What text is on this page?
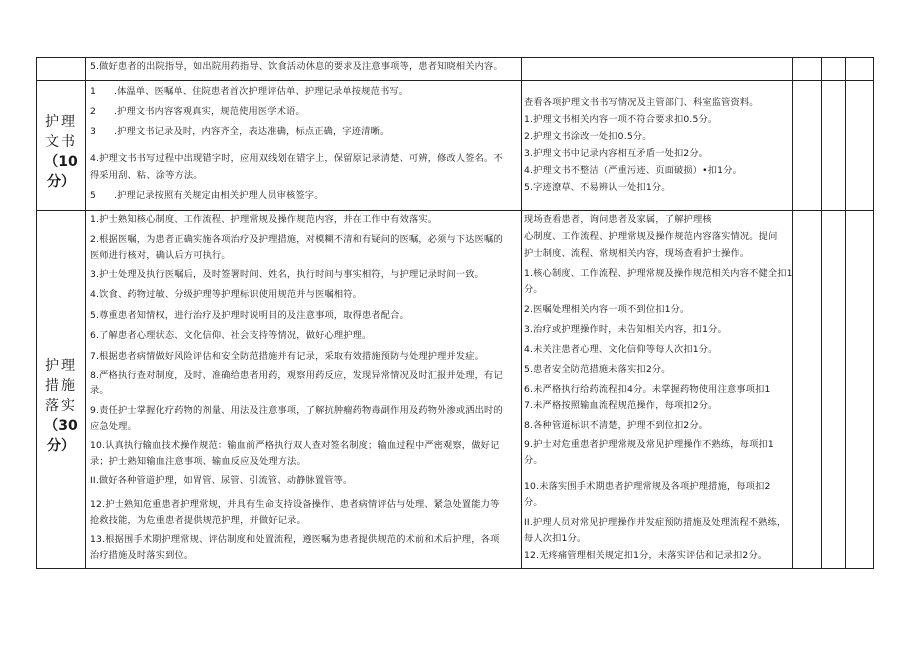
5.做好患者的出院指导，如出院用药指导、饮食活动休息的要求及注意事项等，患者知晓相关内容。
护理文书
（10分）
1 .体温单、医嘱单、住院患者首次护理评估单、护理记录单按规范书写。
2 .护理文书内容客观真实，规范使用医学术语。
3 .护理文书记录及时，内容齐全，表达准确，标点正确，字迹清晰。
4.护理文书书写过程中出现错字时，应用双线划在错字上，保留原记录清楚、可辨，修改人签名。不
得采用刮、粘、涂等方法。
5 .护理记录按照有关规定由相关护理人员审核签字。
查看各项护理文书书写情况及主管部门、科室监管资料。
1.护理文书相关内容一项不符合要求扣0.5分。
2.护理文书涂改一处扣0.5分。
3.护理文书中记录内容相互矛盾一处扣2分。
4.护理文书不整洁（严重污迹、页面破损）•扣1分。
5.字迹潦草、不易辨认一处扣1分。
护理措施落实
（30分）
1.护士熟知核心制度、工作流程、护理常规及操作规范内容，并在工作中有效落实。
2.根据医嘱，为患者正确实施各项治疗及护理措施，对模糊不清和有疑问的医嘱，必须与下达医嘱的
医师进行核对，确认后方可执行。
3.护士处理及执行医嘱后，及时签署时间、姓名，执行时间与事实相符，与护理记录时间一致。
4.饮食、药物过敏、分级护理等护理标识使用规范并与医嘱相符。
5.尊重患者知情权，进行治疗及护理时说明目的及注意事项，取得患者配合。
6.了解患者心理状态、文化信仰、社会支持等情况，做好心理护理。
7.根据患者病情做好风险评估和安全防范措施并有记录，采取有效措施预防与处理护理并发症。
8.严格执行查对制度，及时、准确给患者用药，观察用药反应，发现异常情况及时汇报并处理，有记
录。
9.责任护士掌握化疗药物的剂量、用法及注意事项，了解抗肿瘤药物毒副作用及药物外渗或洒出时的
应急处理。
10.认真执行输血技术操作规范：输血前严格执行双人查对签名制度；输血过程中严密观察，做好记
录；护士熟知输血注意事项、输血反应及处理方法。
II.做好各种管道护理，如胃管、尿管、引流管、动静脉置管等。
12.护士熟知危重患者护理常规，并具有生命支持设备操作、患者病情评估与处理、紧急处置能力等
抢救技能，为危重患者提供规范护理，并做好记录。
13.根据围手术期护理常规、评估制度和处置流程，遵医嘱为患者提供规范的术前和术后护理，各项
治疗措施及时落实到位。
现场查看患者，询问患者及家属，了解护理核
心制度、工作流程、护理常规及操作规范内容落实情况。提问
护士制度、流程、常规相关内容，现场查看护士操作。
1.核心制度、工作流程、护理常规及操作规范相关内容不健全扣1
分。
2.医嘱处理相关内容一项不到位扣1分。
3.治疗或护理操作时，未告知相关内容，扣1分。
4.未关注患者心理、文化信仰等每人次扣1分。
5.患者安全防范措施未落实扣2分。
6.未严格执行给药流程扣4分。未掌握药物使用注意事项扣1
7.未严格按照输血流程规范操作，每项扣2分。
8.各种管道标识不清楚，护理不到位扣2分。
9.护士对危重患者护理常规及常见护理操作不熟练，每项扣1
分。
10.未落实围手术期患者护理常规及各项护理措施，每项扣2
分。
II.护理人员对常见护理操作并发症预防措施及处理流程不熟练，
每人次扣1分。
12.无疼痛管理相关规定扣1分，未落实评估和记录扣2分。
